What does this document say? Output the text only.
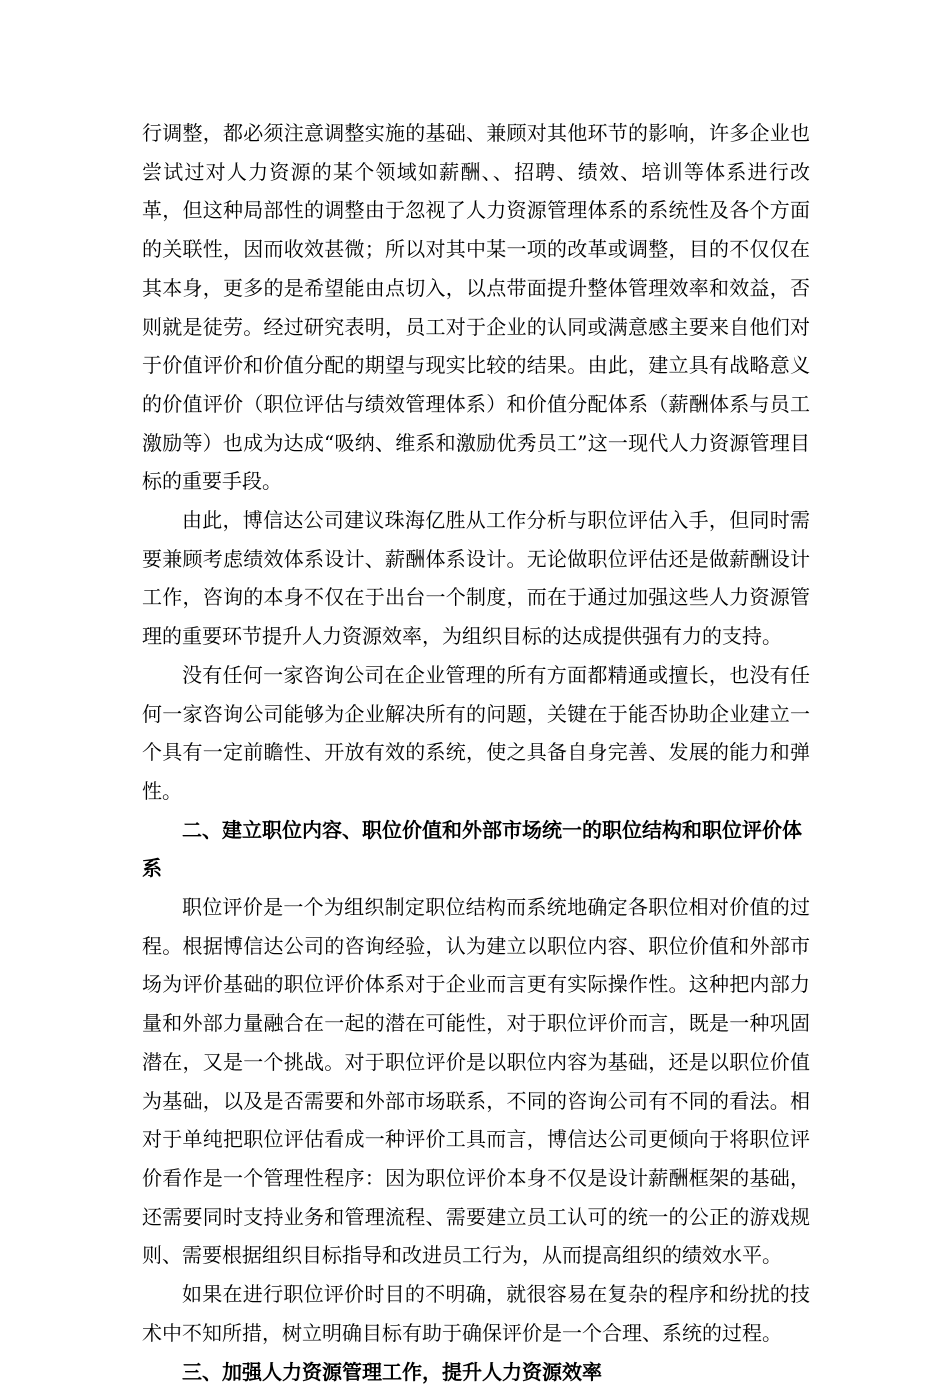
行调整，都必须注意调整实施的基础、兼顾对其他环节的影响，许多企业也尝试过对人力资源的某个领域如薪酬、、招聘、绩效、培训等体系进行改革，但这种局部性的调整由于忽视了人力资源管理体系的系统性及各个方面的关联性，因而收效甚微；所以对其中某一项的改革或调整，目的不仅仅在其本身，更多的是希望能由点切入，以点带面提升整体管理效率和效益，否则就是徒劳。经过研究表明，员工对于企业的认同或满意感主要来自他们对于价值评价和价值分配的期望与现实比较的结果。由此，建立具有战略意义的价值评价（职位评估与绩效管理体系）和价值分配体系（薪酬体系与员工激励等）也成为达成“吸纳、维系和激励优秀员工”这一现代人力资源管理目标的重要手段。

由此，博信达公司建议珠海亿胜从工作分析与职位评估入手，但同时需要兼顾考虑绩效体系设计、薪酬体系设计。无论做职位评估还是做薪酬设计工作，咨询的本身不仅在于出台一个制度，而在于通过加强这些人力资源管理的重要环节提升人力资源效率，为组织目标的达成提供强有力的支持。

没有任何一家咨询公司在企业管理的所有方面都精通或擅长，也没有任何一家咨询公司能够为企业解决所有的问题，关键在于能否协助企业建立一个具有一定前瞻性、开放有效的系统，使之具备自身完善、发展的能力和弹性。

二、建立职位内容、职位价值和外部市场统一的职位结构和职位评价体系

职位评价是一个为组织制定职位结构而系统地确定各职位相对价值的过程。根据博信达公司的咨询经验，认为建立以职位内容、职位价值和外部市场为评价基础的职位评价体系对于企业而言更有实际操作性。这种把内部力量和外部力量融合在一起的潜在可能性，对于职位评价而言，既是一种巩固潜在，又是一个挑战。对于职位评价是以职位内容为基础，还是以职位价值为基础，以及是否需要和外部市场联系，不同的咨询公司有不同的看法。相对于单纯把职位评估看成一种评价工具而言，博信达公司更倾向于将职位评价看作是一个管理性程序：因为职位评价本身不仅是设计薪酬框架的基础，还需要同时支持业务和管理流程、需要建立员工认可的统一的公正的游戏规则、需要根据组织目标指导和改进员工行为，从而提高组织的绩效水平。

如果在进行职位评价时目的不明确，就很容易在复杂的程序和纷扰的技术中不知所措，树立明确目标有助于确保评价是一个合理、系统的过程。

三、加强人力资源管理工作，提升人力资源效率
